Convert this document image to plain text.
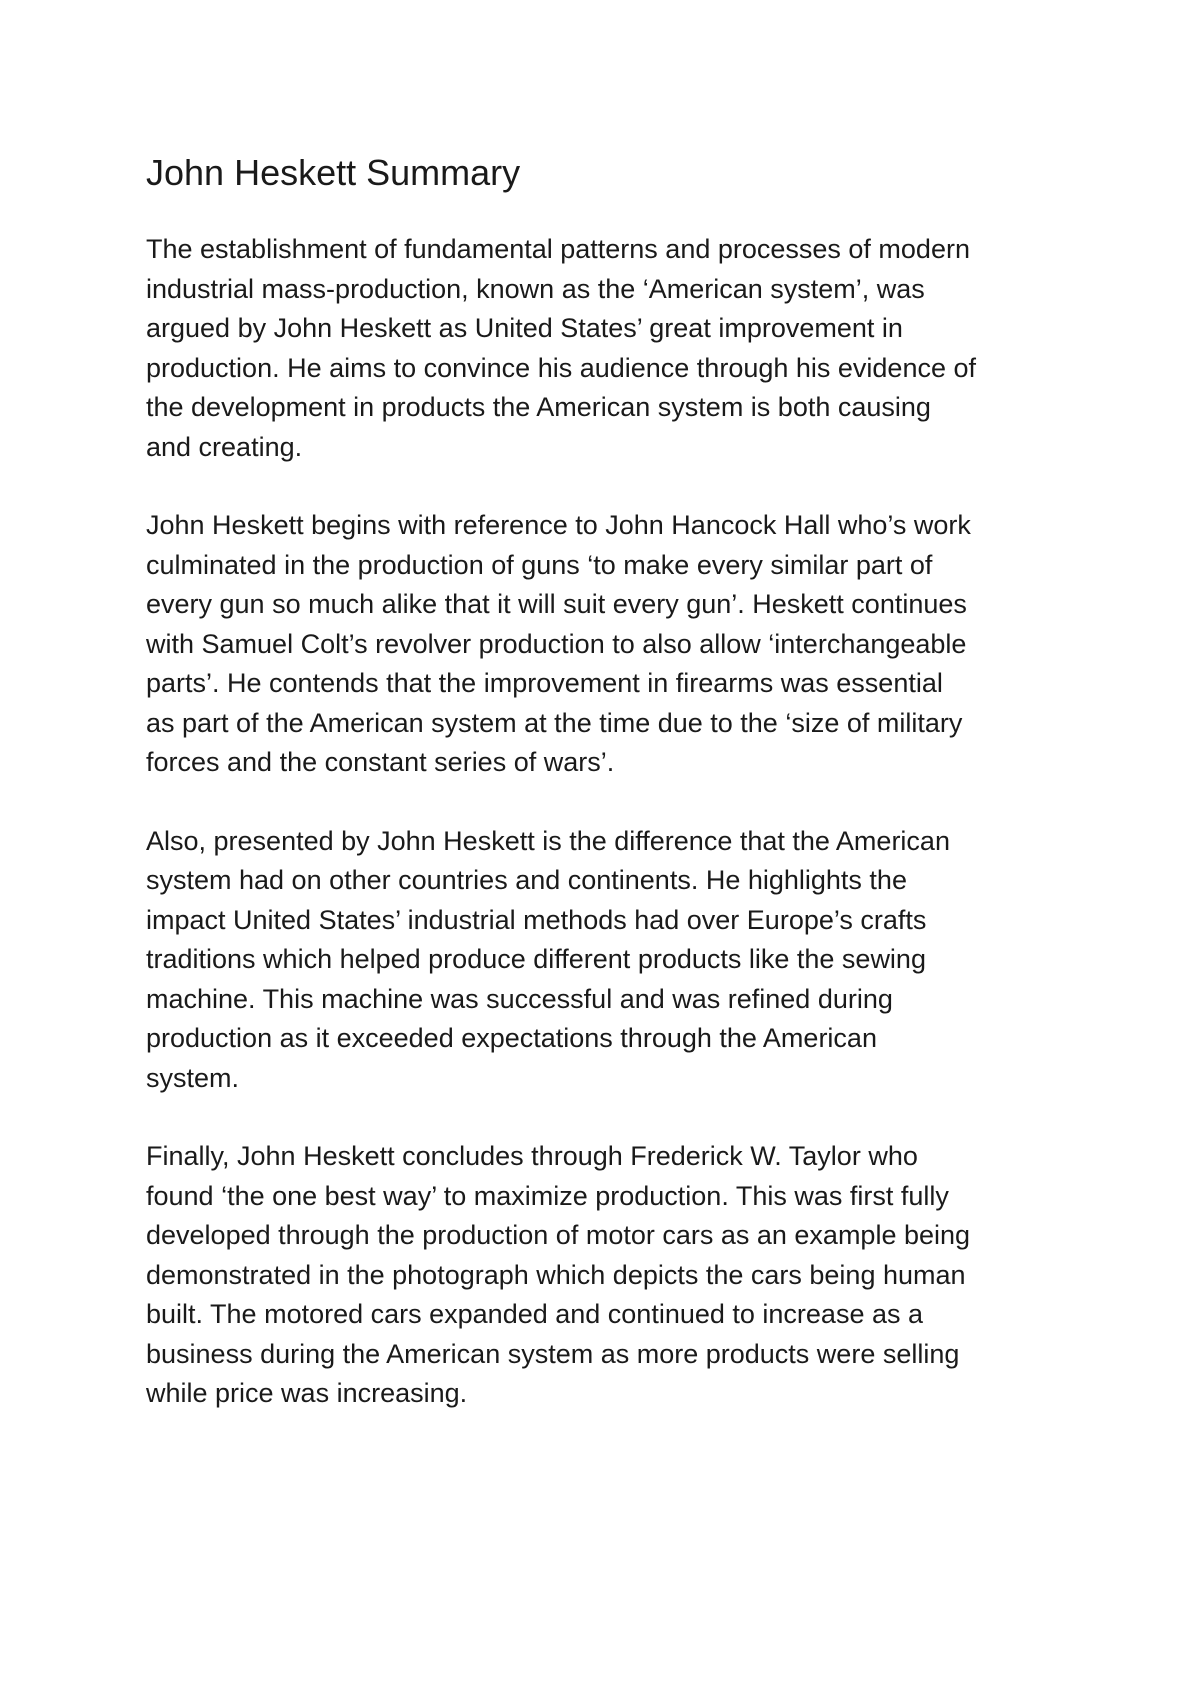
John Heskett Summary

The establishment of fundamental patterns and processes of modern
industrial mass-production, known as the ‘American system’, was
argued by John Heskett as United States’ great improvement in
production. He aims to convince his audience through his evidence of
the development in products the American system is both causing
and creating.

John Heskett begins with reference to John Hancock Hall who’s work
culminated in the production of guns ‘to make every similar part of
every gun so much alike that it will suit every gun’. Heskett continues
with Samuel Colt’s revolver production to also allow ‘interchangeable
parts’. He contends that the improvement in firearms was essential
as part of the American system at the time due to the ‘size of military
forces and the constant series of wars’.

Also, presented by John Heskett is the difference that the American
system had on other countries and continents. He highlights the
impact United States’ industrial methods had over Europe’s crafts
traditions which helped produce different products like the sewing
machine. This machine was successful and was refined during
production as it exceeded expectations through the American
system.

Finally, John Heskett concludes through Frederick W. Taylor who
found ‘the one best way’ to maximize production. This was first fully
developed through the production of motor cars as an example being
demonstrated in the photograph which depicts the cars being human
built. The motored cars expanded and continued to increase as a
business during the American system as more products were selling
while price was increasing.
